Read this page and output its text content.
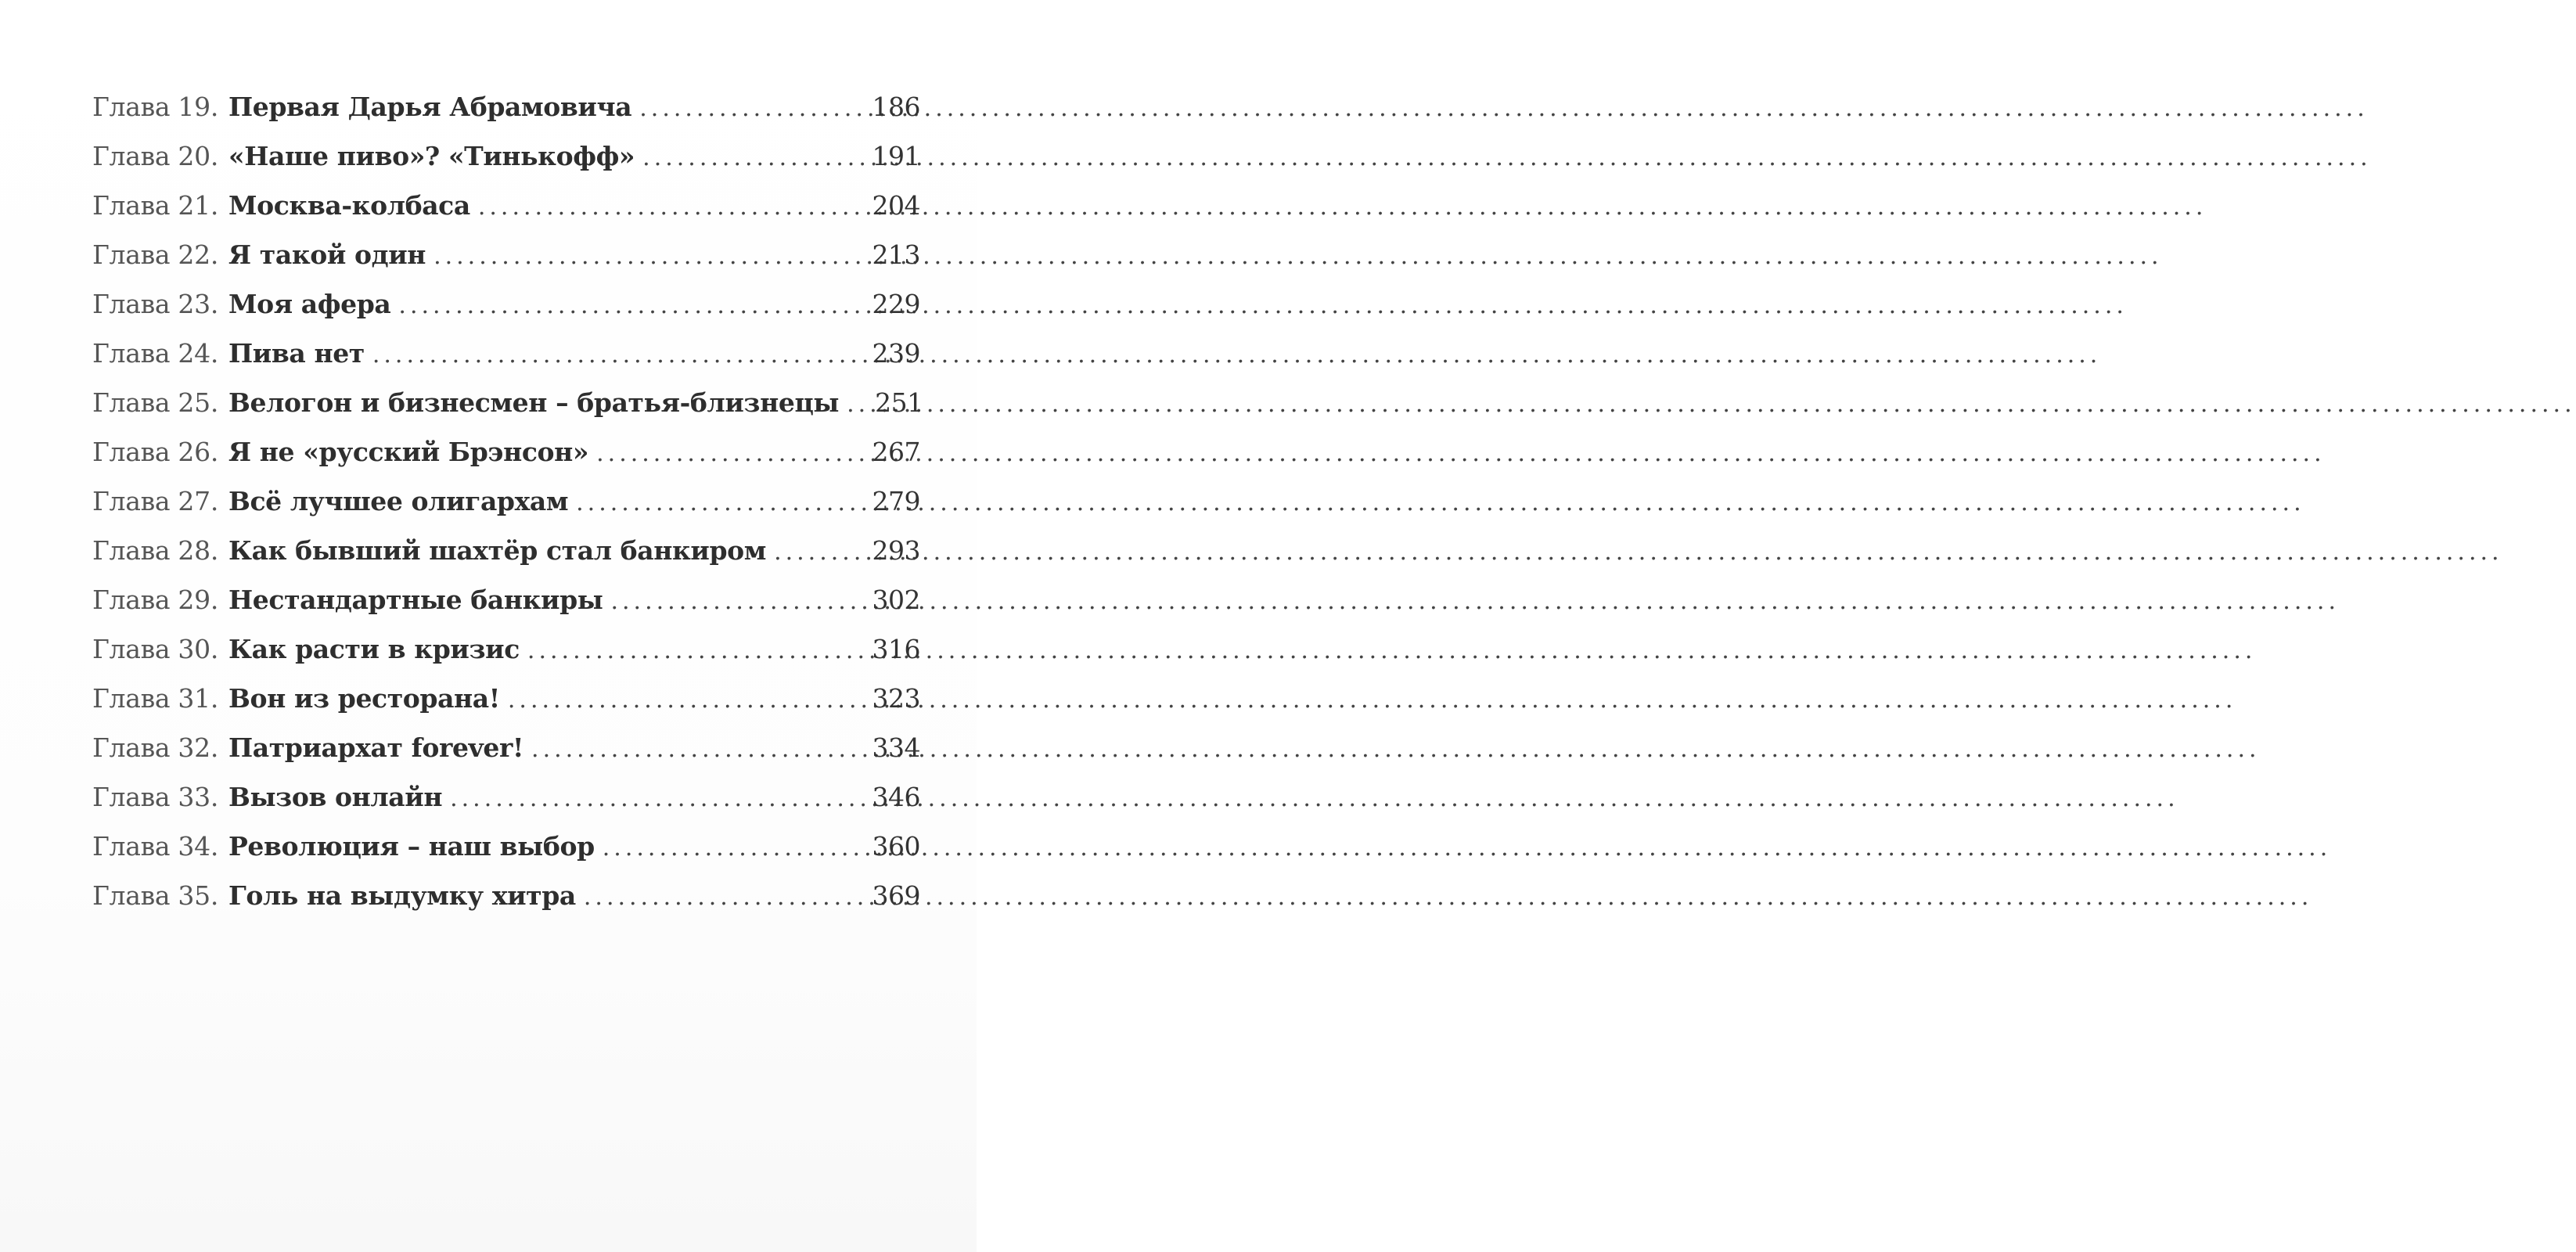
Глава 19. Первая Дарья Абрамовича .....	186
Глава 20. «Наше пиво»? «Тинькофф» .....	191
Глава 21. Москва-колбаса .....	204
Глава 22. Я такой один .....	213
Глава 23. Моя афера .....	229
Глава 24. Пива нет .....	239
Глава 25. Велогон и бизнесмен – братья-близнецы ..... 251
Глава 26. Я не «русский Брэнсон» .....	267
Глава 27. Всё лучшее олигархам .....	279
Глава 28. Как бывший шахтёр стал банкиром .....	293
Глава 29. Нестандартные банкиры .....	302
Глава 30. Как расти в кризис .....	316
Глава 31. Вон из ресторана! .....	323
Глава 32. Патриархат forever! .....	334
Глава 33. Вызов онлайн .....	346
Глава 34. Революция – наш выбор .....	360
Глава 35. Голь на выдумку хитра .....	369
